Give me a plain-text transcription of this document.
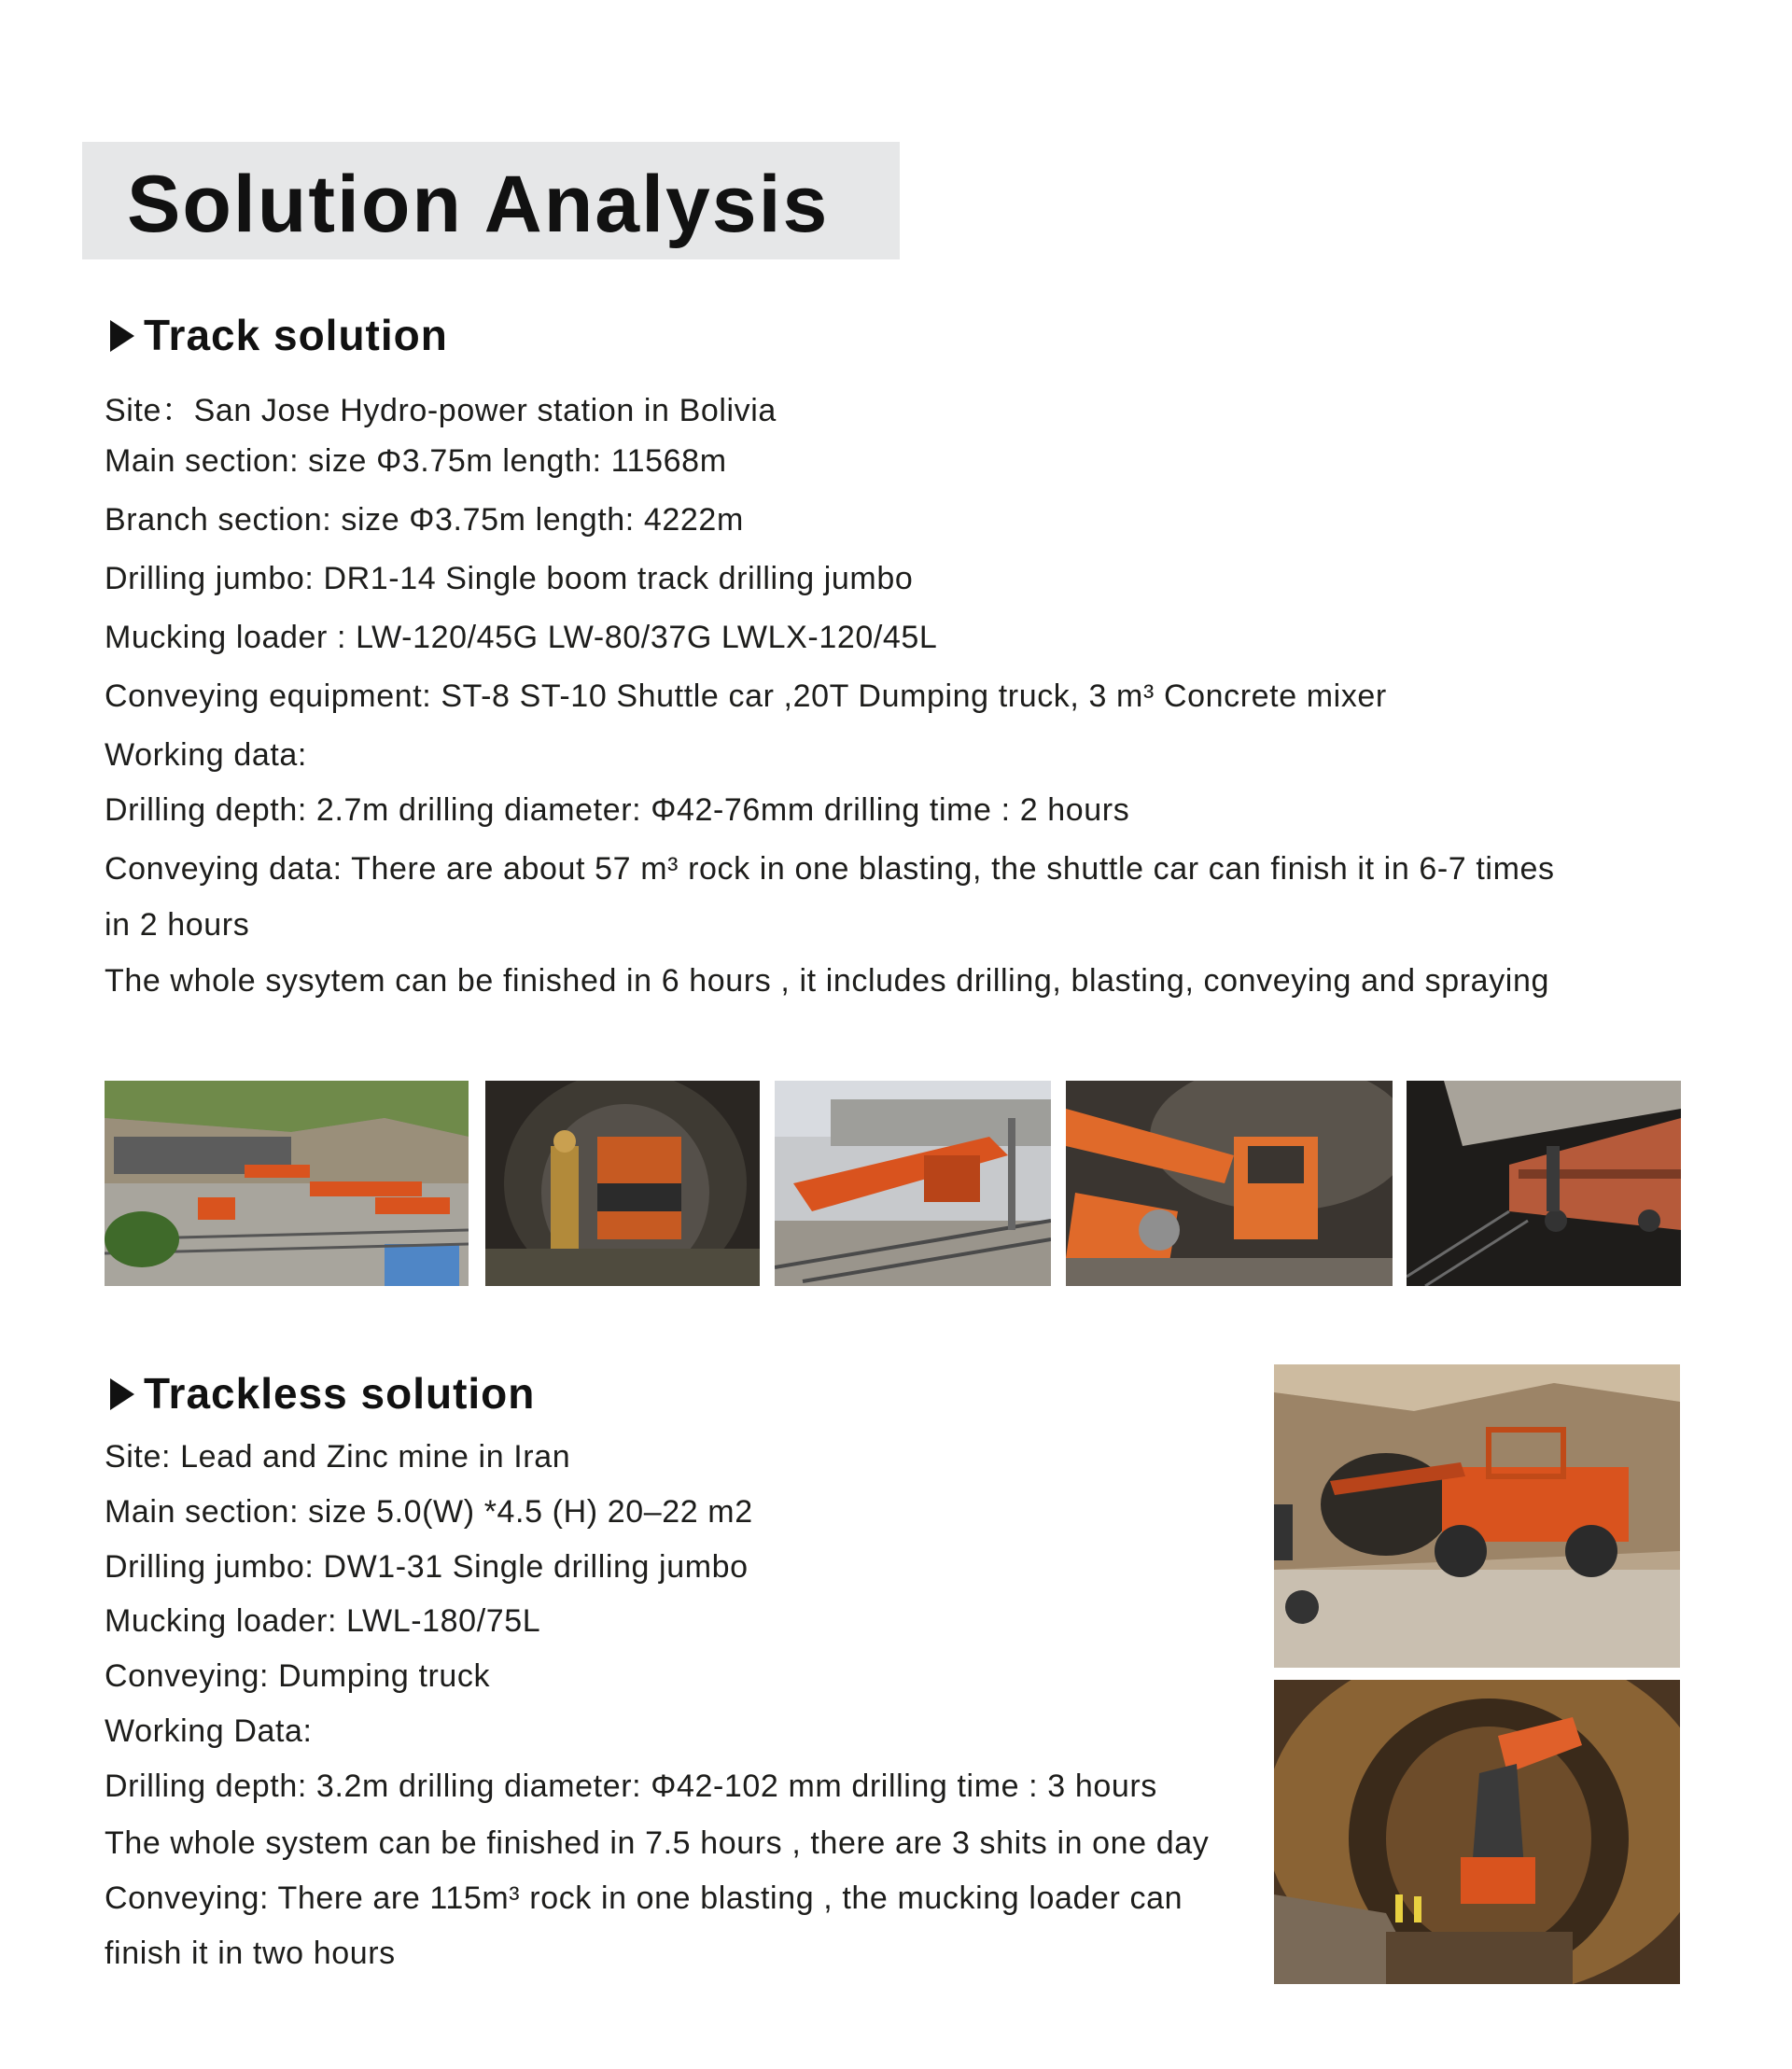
Solution Analysis
Track solution
Site：San Jose Hydro-power station in Bolivia
Main section: size Φ3.75m length: 11568m
Branch section: size Φ3.75m length: 4222m
Drilling jumbo: DR1-14 Single boom track drilling jumbo
Mucking loader : LW-120/45G LW-80/37G LWLX-120/45L
Conveying equipment: ST-8 ST-10 Shuttle car ,20T Dumping truck, 3 m³ Concrete mixer
Working data:
Drilling depth: 2.7m drilling diameter: Φ42-76mm drilling time : 2 hours
Conveying data: There are about 57 m³ rock in one blasting, the shuttle car can finish it in 6-7 times
in 2 hours
The whole sysytem can be finished in 6 hours , it includes drilling, blasting, conveying and spraying
Trackless solution
Site: Lead and Zinc mine in Iran
Main section: size 5.0(W) *4.5 (H) 20–22 m2
Drilling jumbo: DW1-31 Single drilling jumbo
Mucking loader: LWL-180/75L
Conveying: Dumping truck
Working Data:
Drilling depth: 3.2m drilling diameter: Φ42-102 mm drilling time : 3 hours
The whole system can be finished in 7.5 hours , there are 3 shits in one day
Conveying: There are 115m³ rock in one blasting , the mucking loader can
finish it in two hours
